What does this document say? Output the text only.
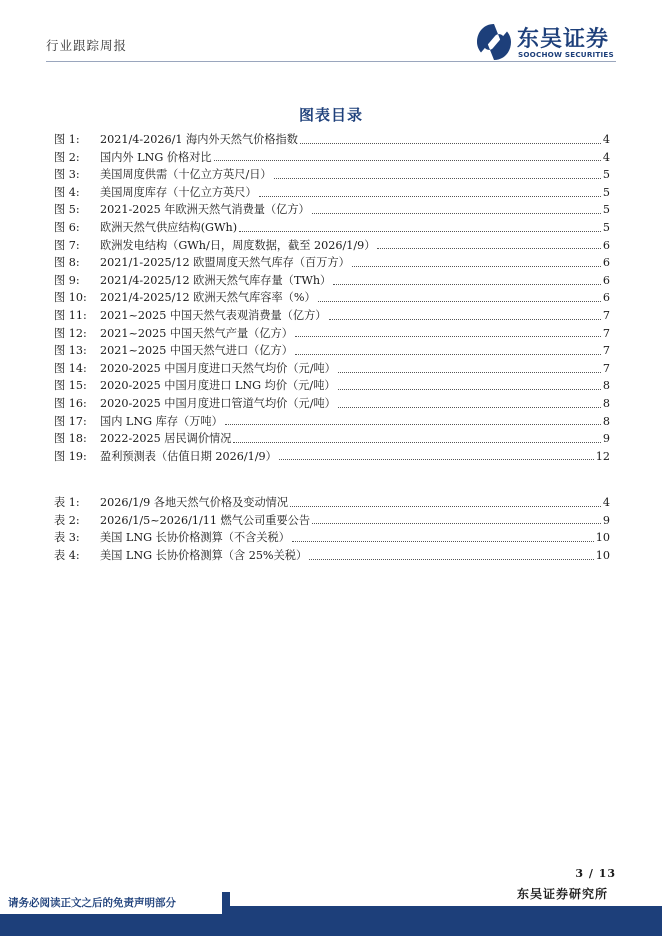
行业跟踪周报	东吴证券
SOOCHOW SECURITIES
图表目录
图 1:	2021/4-2026/1 海内外天然气价格指数	4
图 2:	国内外 LNG 价格对比	4
图 3:	美国周度供需（十亿立方英尺/日）	5
图 4:	美国周度库存（十亿立方英尺）	5
图 5:	2021-2025 年欧洲天然气消费量（亿方）	5
图 6:	欧洲天然气供应结构(GWh)	5
图 7:	欧洲发电结构（GWh/日，周度数据，截至 2026/1/9）	6
图 8:	2021/1-2025/12 欧盟周度天然气库存（百万方）	6
图 9:	2021/4-2025/12 欧洲天然气库存量（TWh）	6
图 10:	2021/4-2025/12 欧洲天然气库容率（%）	6
图 11:	2021~2025 中国天然气表观消费量（亿方）	7
图 12:	2021~2025 中国天然气产量（亿方）	7
图 13:	2021~2025 中国天然气进口（亿方）	7
图 14:	2020-2025 中国月度进口天然气均价（元/吨）	7
图 15:	2020-2025 中国月度进口 LNG 均价（元/吨）	8
图 16:	2020-2025 中国月度进口管道气均价（元/吨）	8
图 17:	国内 LNG 库存（万吨）	8
图 18:	2022-2025 居民调价情况	9
图 19:	盈利预测表（估值日期 2026/1/9）	12
表 1:	2026/1/9 各地天然气价格及变动情况	4
表 2:	2026/1/5~2026/1/11 燃气公司重要公告	9
表 3:	美国 LNG 长协价格测算（不含关税）	10
表 4:	美国 LNG 长协价格测算（含 25%关税）	10
3 / 13
东吴证券研究所
请务必阅读正文之后的免责声明部分
